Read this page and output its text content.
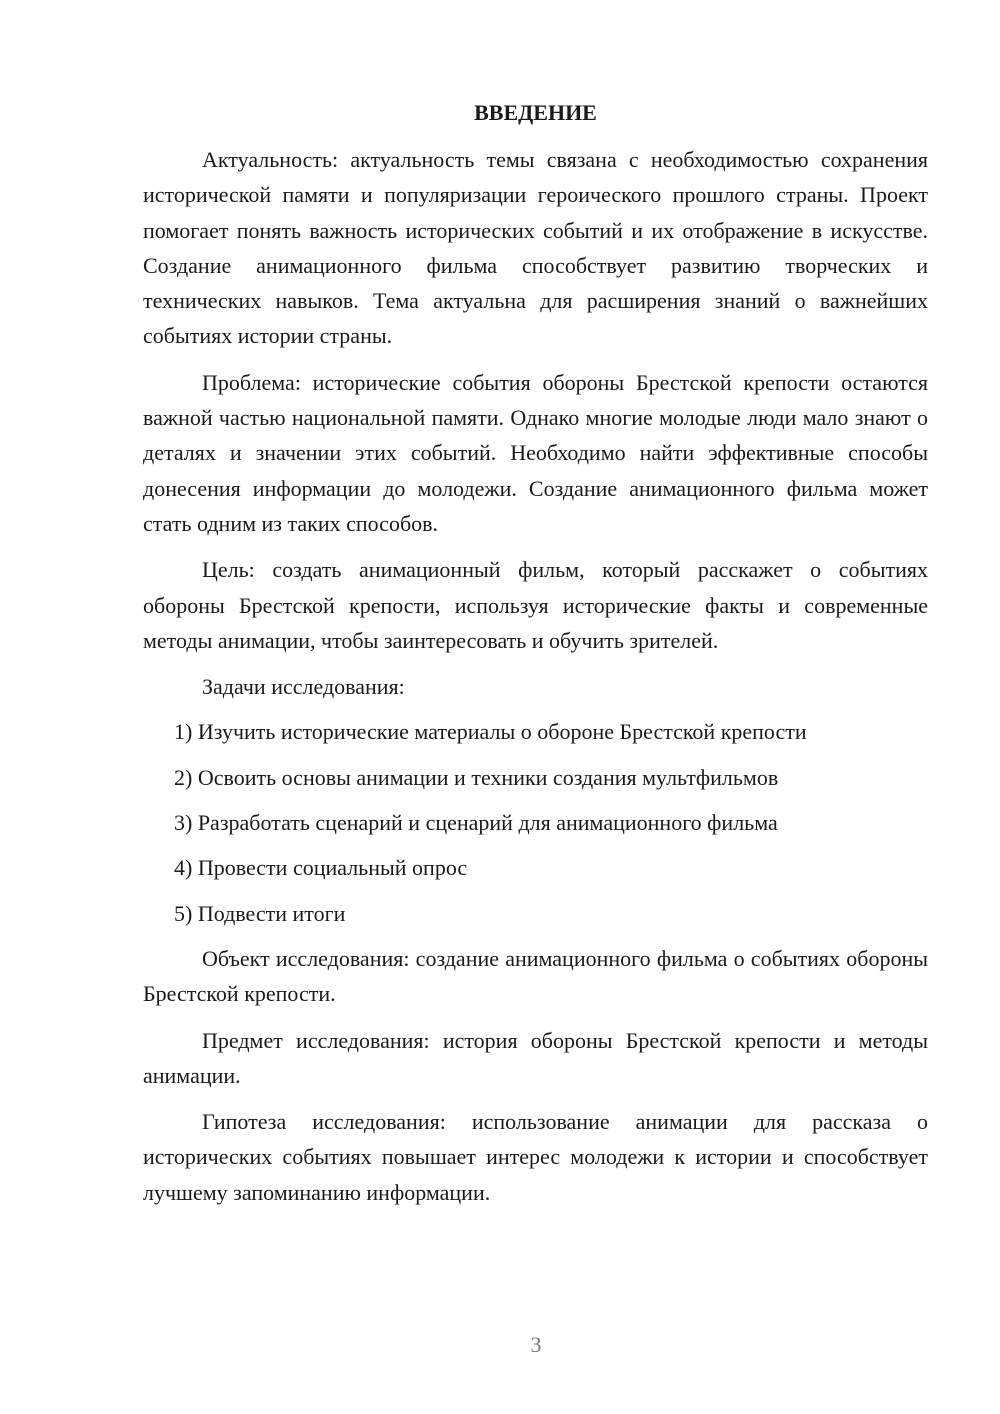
ВВЕДЕНИЕ

Актуальность: актуальность темы связана с необходимостью сохранения исторической памяти и популяризации героического прошлого страны. Проект помогает понять важность исторических событий и их отображение в искусстве. Создание анимационного фильма способствует развитию творческих и технических навыков. Тема актуальна для расширения знаний о важнейших событиях истории страны.

Проблема: исторические события обороны Брестской крепости остаются важной частью национальной памяти. Однако многие молодые люди мало знают о деталях и значении этих событий. Необходимо найти эффективные способы донесения информации до молодежи. Создание анимационного фильма может стать одним из таких способов.

Цель: создать анимационный фильм, который расскажет о событиях обороны Брестской крепости, используя исторические факты и современные методы анимации, чтобы заинтересовать и обучить зрителей.

Задачи исследования:

1) Изучить исторические материалы о обороне Брестской крепости
2) Освоить основы анимации и техники создания мультфильмов
3) Разработать сценарий и сценарий для анимационного фильма
4) Провести социальный опрос
5) Подвести итоги

Объект исследования: создание анимационного фильма о событиях обороны Брестской крепости.

Предмет исследования: история обороны Брестской крепости и методы анимации.

Гипотеза исследования: использование анимации для рассказа о исторических событиях повышает интерес молодежи к истории и способствует лучшему запоминанию информации.

3
